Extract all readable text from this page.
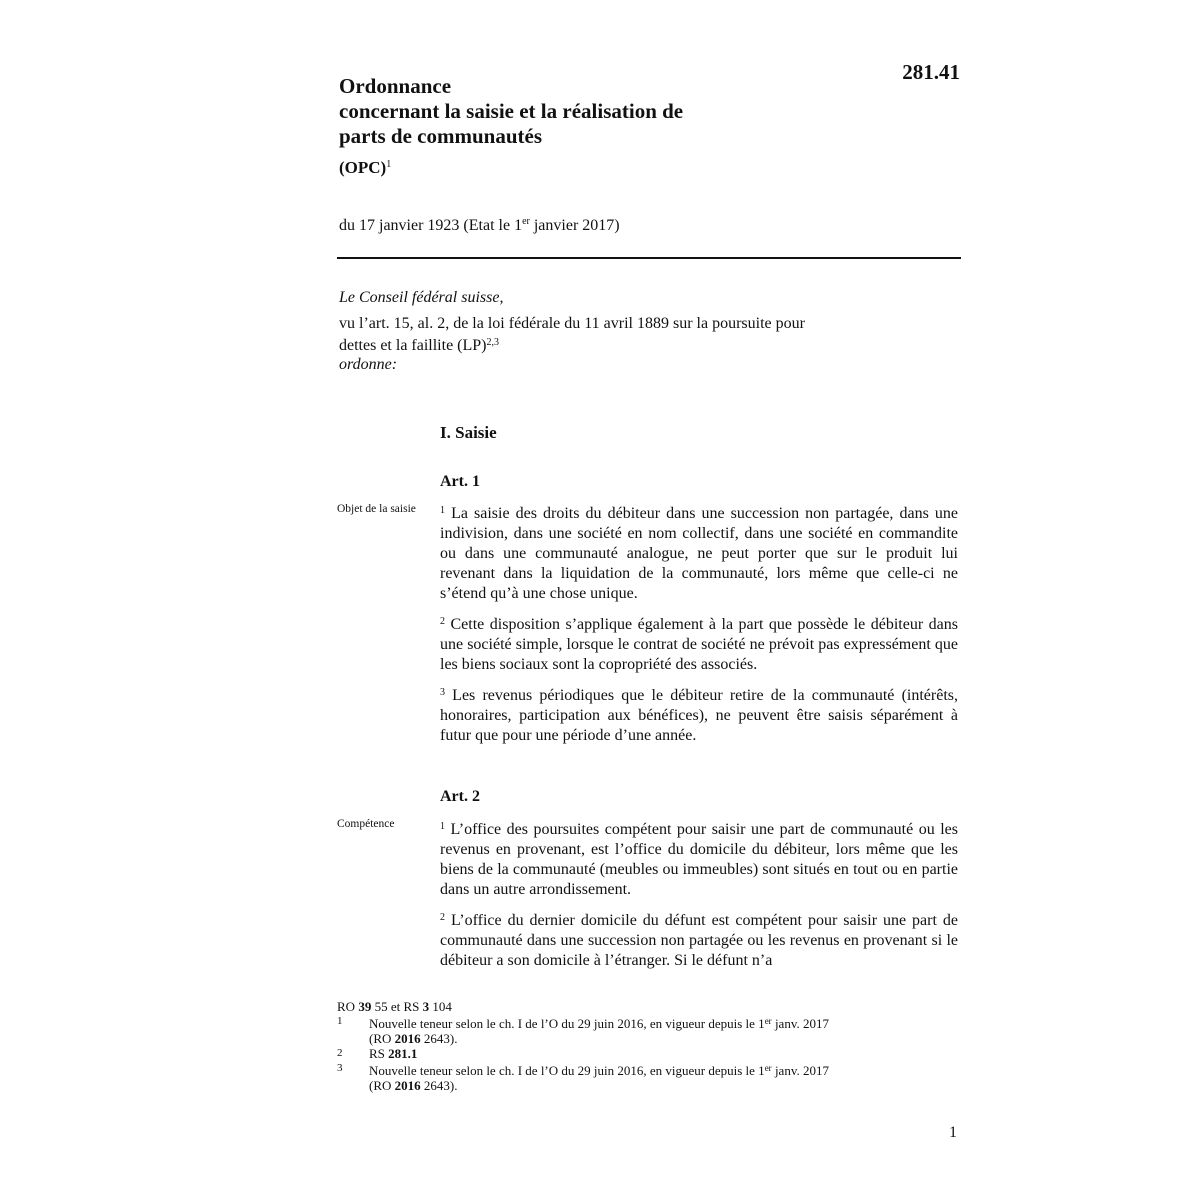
281.41
Ordonnance
concernant la saisie et la réalisation de
parts de communautés
(OPC)$^1$
du 17 janvier 1923 (Etat le 1er janvier 2017)
Le Conseil fédéral suisse,
vu l’art. 15, al. 2, de la loi fédérale du 11 avril 1889 sur la poursuite pour
dettes et la faillite (LP)$^{2,3}$
ordonne:
I. Saisie
Art. 1
Objet de la saisie $^1$ La saisie des droits du débiteur dans une succession non partagée, dans une indivision, dans une société en nom collectif, dans une société en commandite ou dans une communauté analogue, ne peut porter que sur le produit lui revenant dans la liquidation de la communauté, lors même que celle-ci ne s’étend qu’à une chose unique.
$^2$ Cette disposition s’applique également à la part que possède le débiteur dans une société simple, lorsque le contrat de société ne prévoit pas expressément que les biens sociaux sont la copropriété des associés.
$^3$ Les revenus périodiques que le débiteur retire de la communauté (intérêts, honoraires, participation aux bénéfices), ne peuvent être saisis séparément à futur que pour une période d’une année.
Art. 2
Compétence	$^1$ L’office des poursuites compétent pour saisir une part de communauté ou les revenus en provenant, est l’office du domicile du débiteur, lors même que les biens de la communauté (meubles ou immeubles) sont situés en tout ou en partie dans un autre arrondissement.
$^2$ L’office du dernier domicile du défunt est compétent pour saisir une part de communauté dans une succession non partagée ou les revenus en provenant si le débiteur a son domicile à l’étranger. Si le défunt n’a
RO 39 55 et RS 3 104
1	Nouvelle teneur selon le ch. I de l’O du 29 juin 2016, en vigueur depuis le 1er janv. 2017
(RO 2016 2643).
2	RS 281.1
3	Nouvelle teneur selon le ch. I de l’O du 29 juin 2016, en vigueur depuis le 1er janv. 2017
(RO 2016 2643).
1
